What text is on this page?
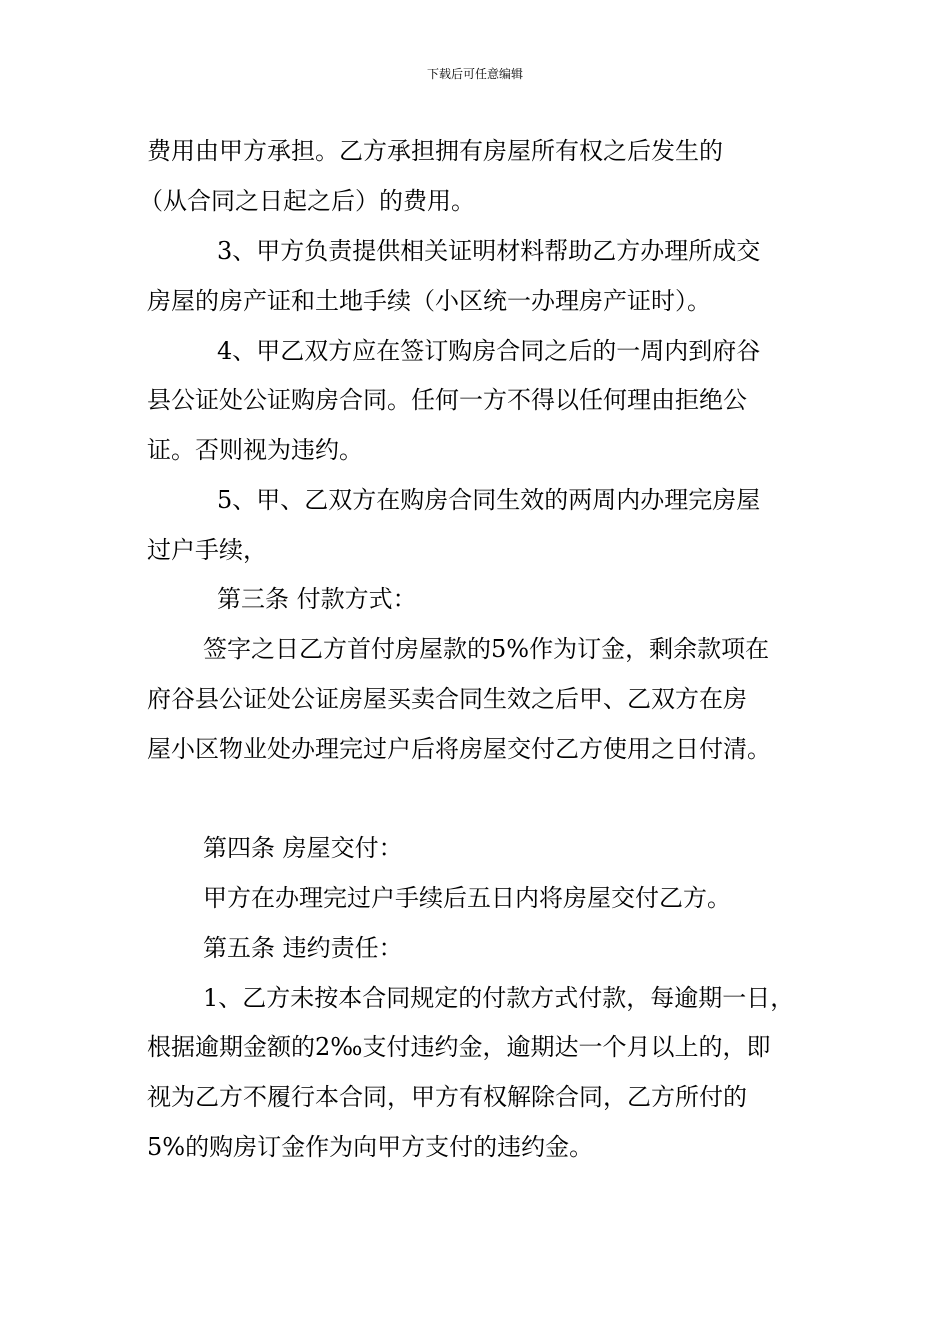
下载后可任意编辑
费用由甲方承担。乙方承担拥有房屋所有权之后发生的
（从合同之日起之后）的费用。
3、甲方负责提供相关证明材料帮助乙方办理所成交
房屋的房产证和土地手续（小区统一办理房产证时）。
4、甲乙双方应在签订购房合同之后的一周内到府谷
县公证处公证购房合同。任何一方不得以任何理由拒绝公
证。否则视为违约。
5、甲、乙双方在购房合同生效的两周内办理完房屋
过户手续，
第三条 付款方式：
签字之日乙方首付房屋款的5%作为订金，剩余款项在
府谷县公证处公证房屋买卖合同生效之后甲、乙双方在房
屋小区物业处办理完过户后将房屋交付乙方使用之日付清。
第四条 房屋交付：
甲方在办理完过户手续后五日内将房屋交付乙方。
第五条 违约责任：
1、乙方未按本合同规定的付款方式付款，每逾期一日，
根据逾期金额的2‰支付违约金，逾期达一个月以上的，即
视为乙方不履行本合同，甲方有权解除合同，乙方所付的
5%的购房订金作为向甲方支付的违约金。
